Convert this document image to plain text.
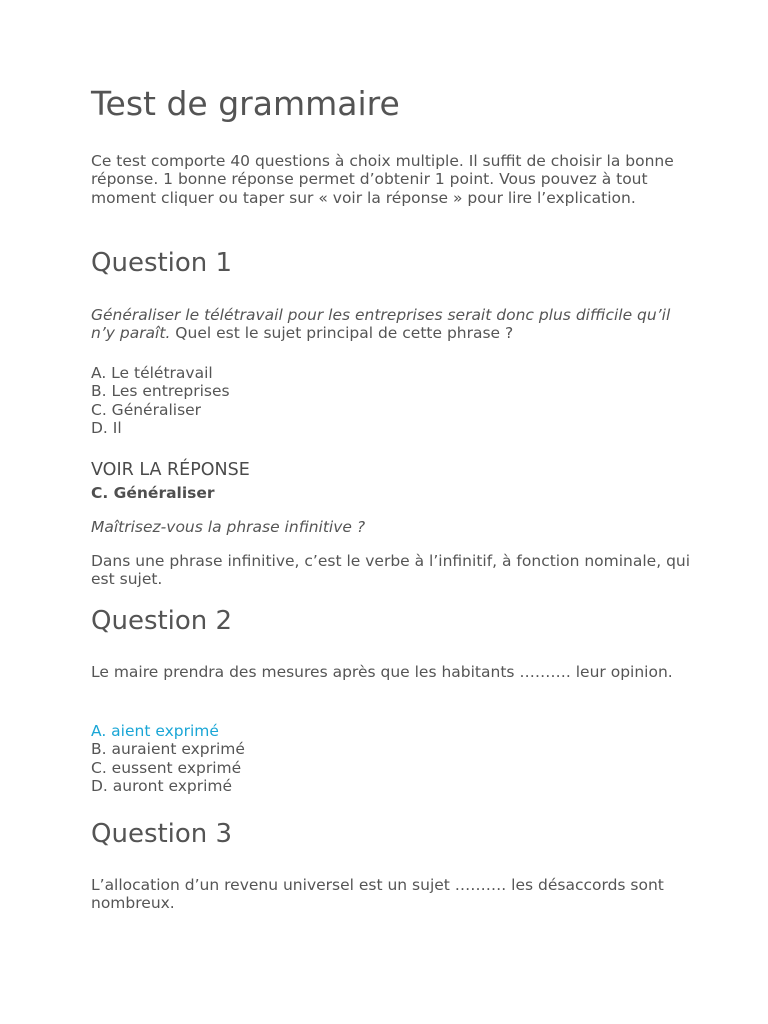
Test de grammaire

Ce test comporte 40 questions à choix multiple. Il suffit de choisir la bonne réponse. 1 bonne réponse permet d’obtenir 1 point. Vous pouvez à tout moment cliquer ou taper sur « voir la réponse » pour lire l’explication.

Question 1

Généraliser le télétravail pour les entreprises serait donc plus difficile qu’il n’y paraît. Quel est le sujet principal de cette phrase ?

A. Le télétravail
B. Les entreprises
C. Généraliser
D. Il
VOIR LA RÉPONSE
C. Généraliser

Maîtrisez-vous la phrase infinitive ?

Dans une phrase infinitive, c’est le verbe à l’infinitif, à fonction nominale, qui est sujet.

Question 2

Le maire prendra des mesures après que les habitants ………. leur opinion.

A. aient exprimé
B. auraient exprimé
C. eussent exprimé
D. auront exprimé
Question 3

L’allocation d’un revenu universel est un sujet ………. les désaccords sont nombreux.
